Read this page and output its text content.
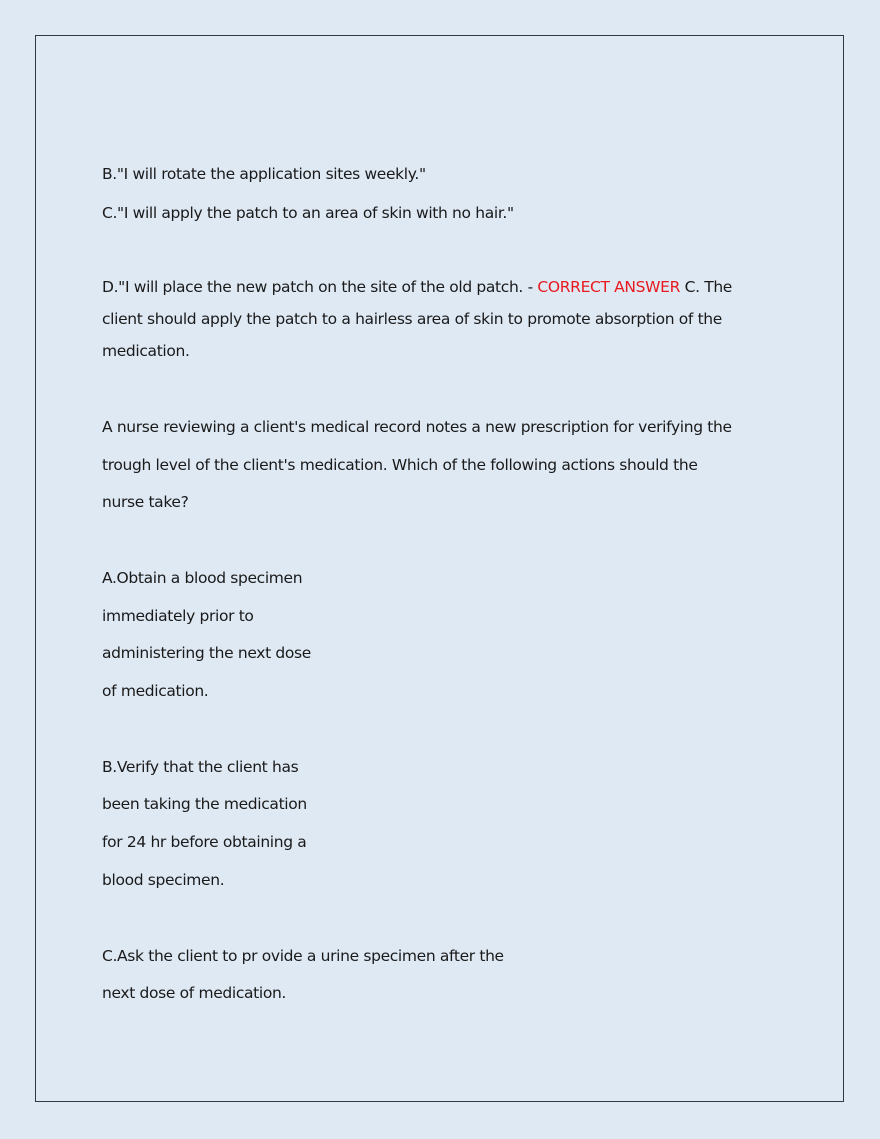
B."I will rotate the application sites weekly."
C."I will apply the patch to an area of skin with no hair."
D."I will place the new patch on the site of the old patch. - CORRECT ANSWER C. The
client should apply the patch to a hairless area of skin to promote absorption of the
medication.
A nurse reviewing a client's medical record notes a new prescription for verifying the
trough level of the client's medication. Which of the following actions should the
nurse take?
A.Obtain a blood specimen
immediately prior to
administering the next dose
of medication.
B.Verify that the client has
been taking the medication
for 24 hr before obtaining a
blood specimen.
C.Ask the client to pr ovide a urine specimen after the
next dose of medication.
